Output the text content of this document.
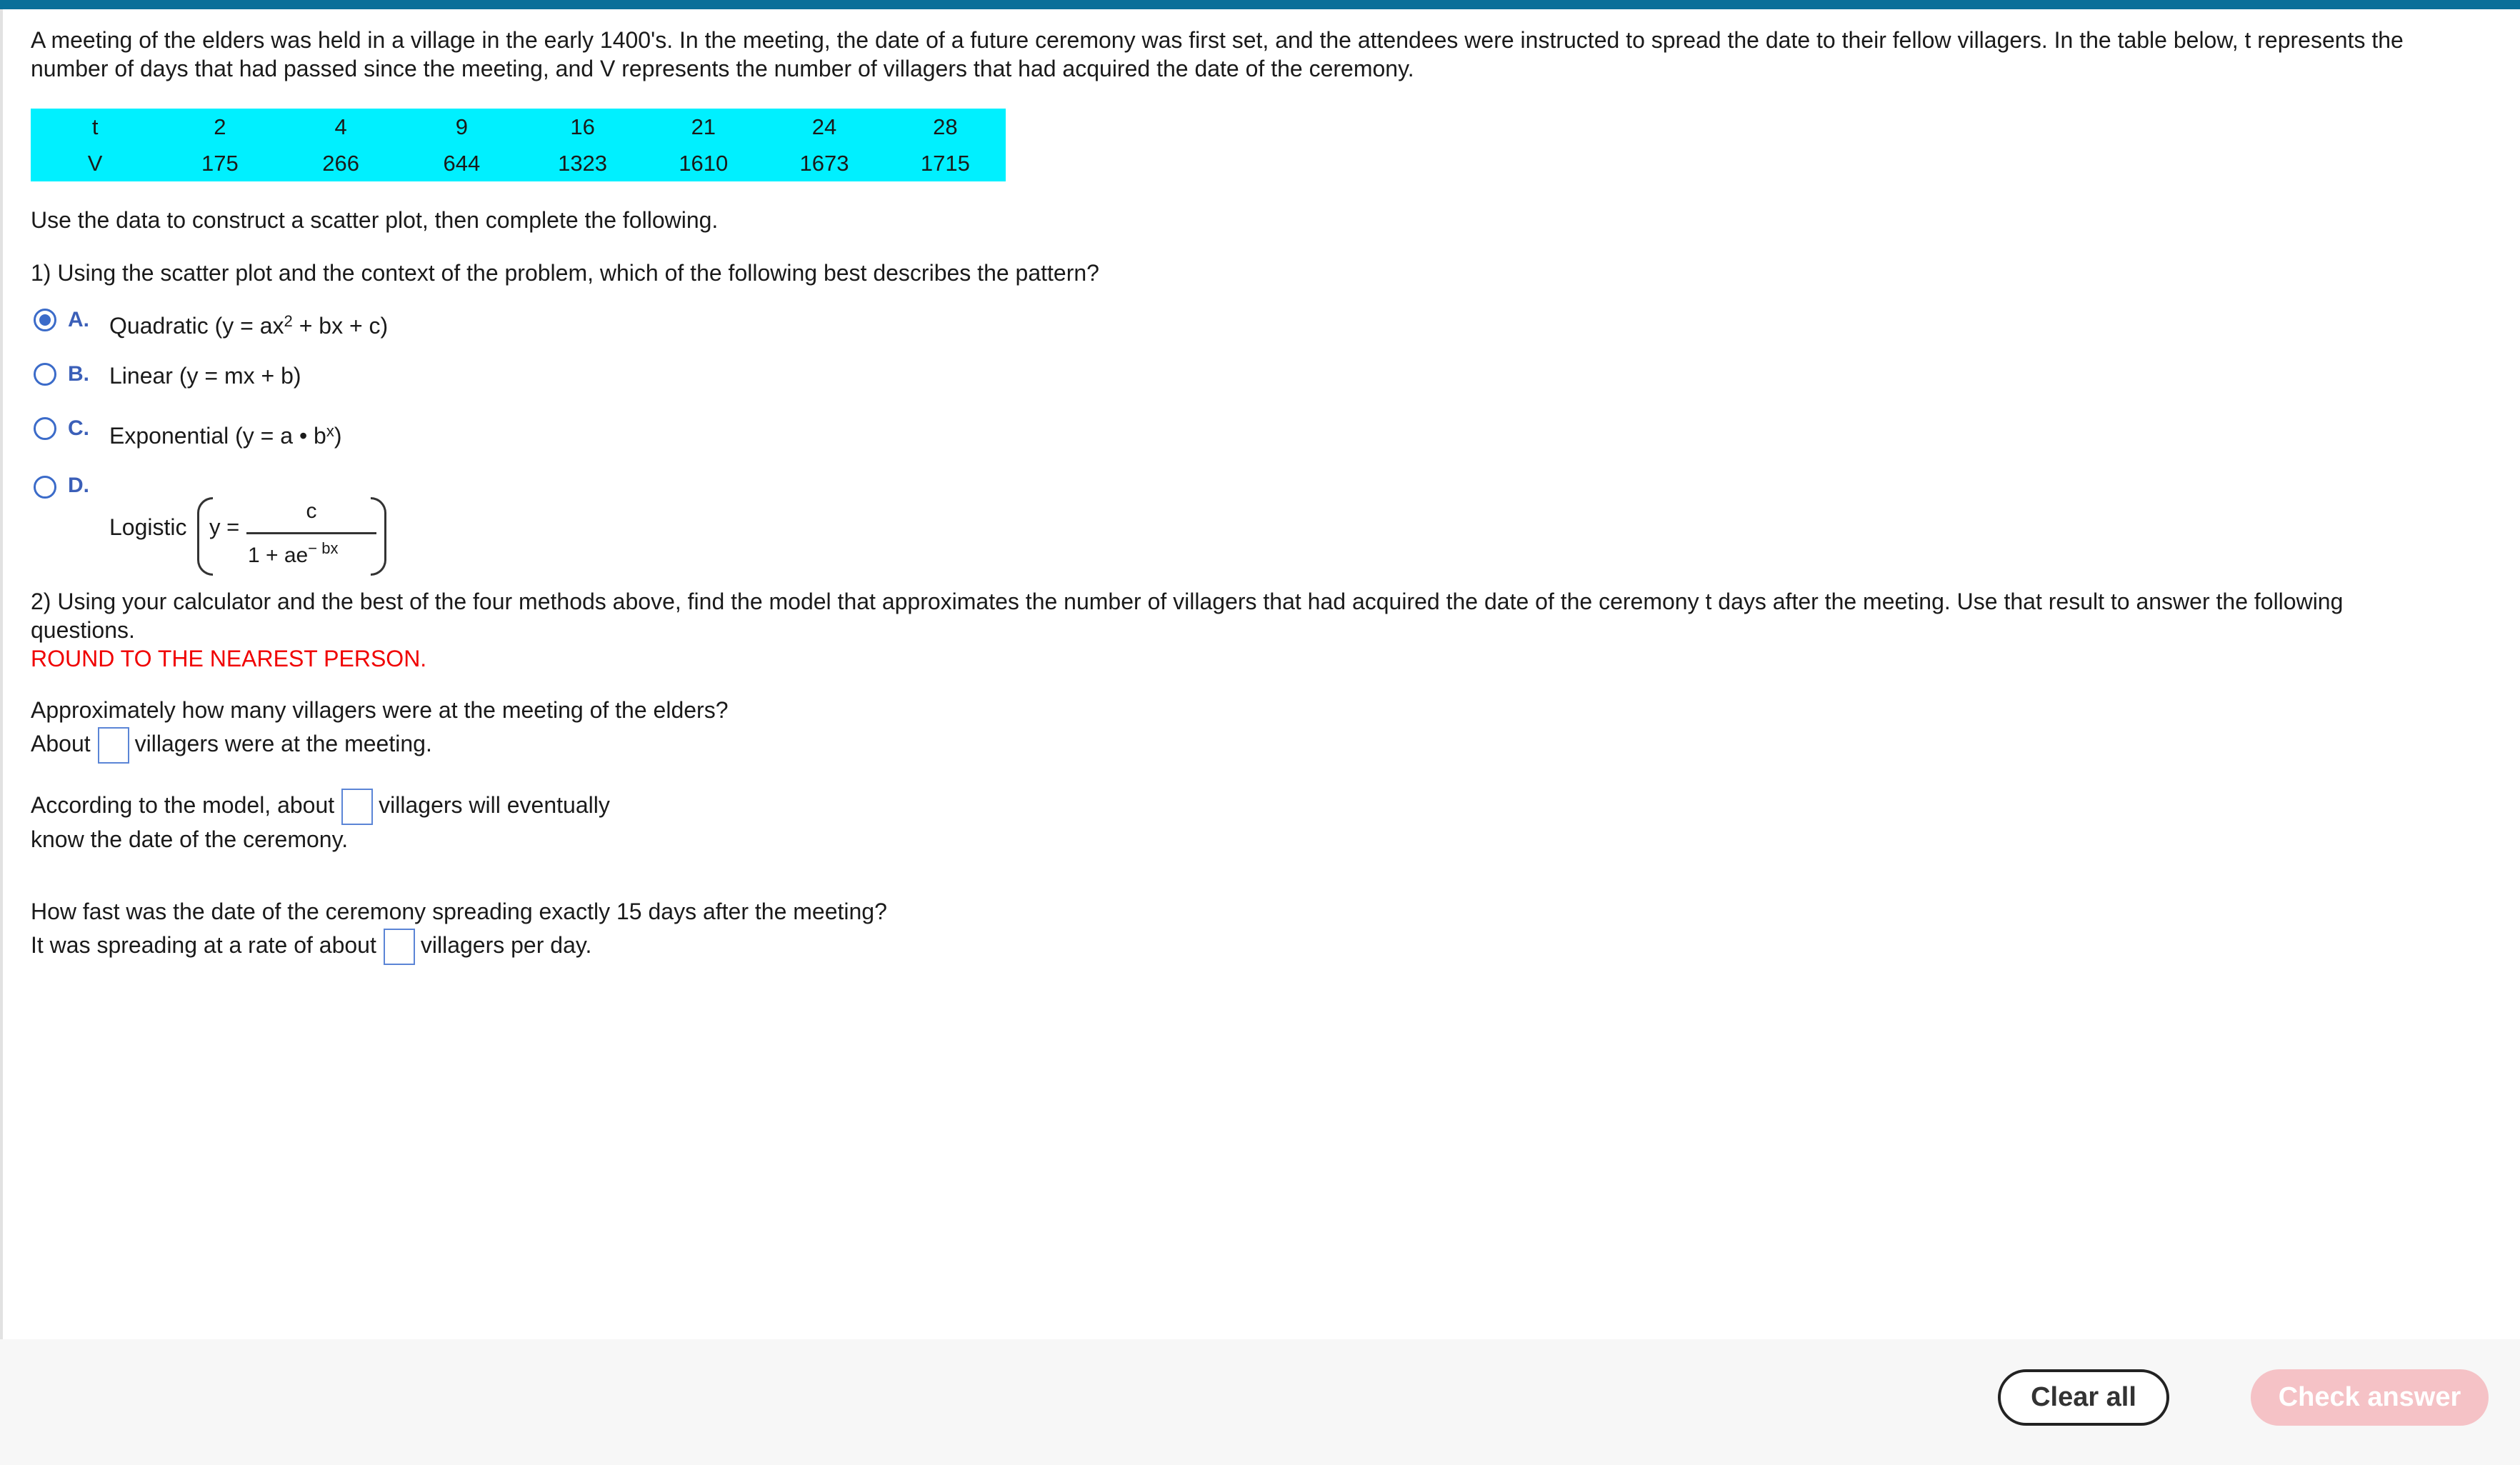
A meeting of the elders was held in a village in the early 1400's. In the meeting, the date of a future ceremony was first set, and the attendees were instructed to spread the date to their fellow villagers. In the table below, t represents the
number of days that had passed since the meeting, and V represents the number of villagers that had acquired the date of the ceremony.
t	2	4	9	16	21	24	28
V	175	266	644	1323	1610	1673	1715
Use the data to construct a scatter plot, then complete the following.
1) Using the scatter plot and the context of the problem, which of the following best describes the pattern?
A. Quadratic ($y = ax^2$ + bx + c)
B. Linear (y = mx + b)
C. Exponential (y = a • $b^x$)
D.
Logistic y =
c
$1 + ae^{- bx}$
2) Using your calculator and the best of the four methods above, find the model that approximates the number of villagers that had acquired the date of the ceremony t days after the meeting. Use that result to answer the following
questions.
ROUND TO THE NEAREST PERSON.
Approximately how many villagers were at the meeting of the elders?
About villagers were at the meeting.
According to the model, about villagers will eventually
know the date of the ceremony.
How fast was the date of the ceremony spreading exactly 15 days after the meeting?
It was spreading at a rate of about villagers per day.
Clear all	Check answer
